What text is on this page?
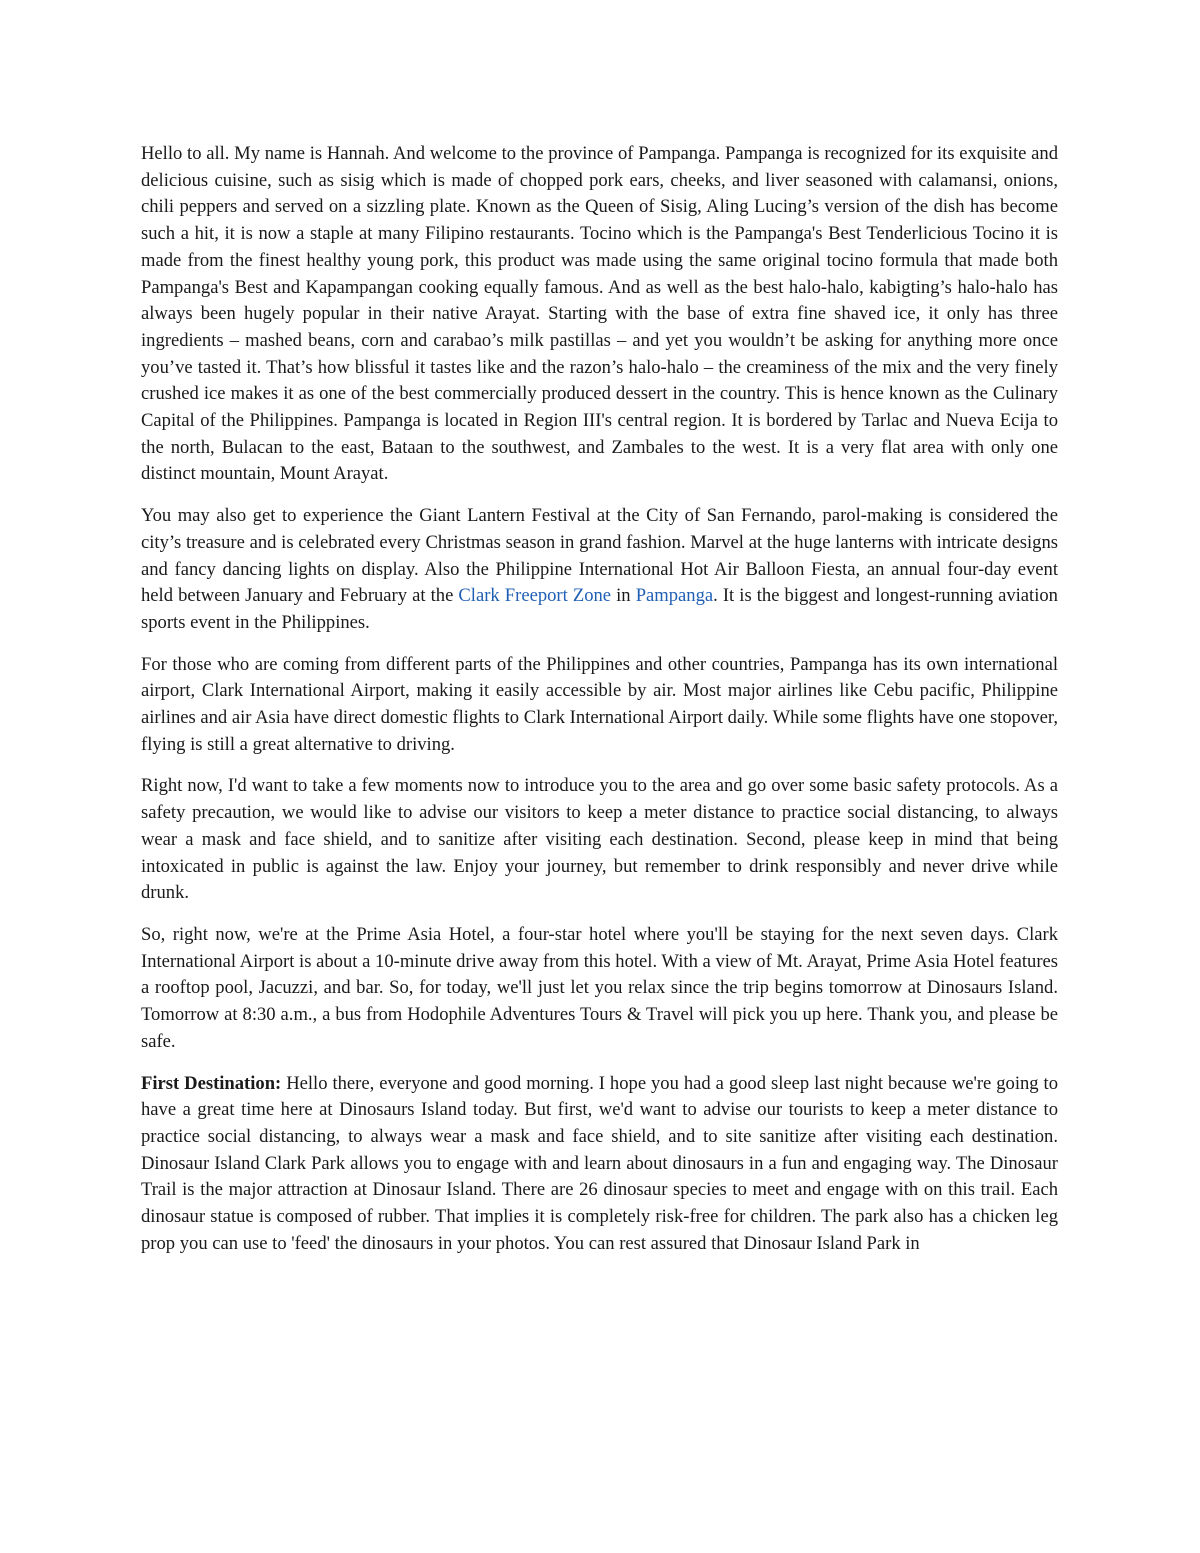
Hello to all. My name is Hannah. And welcome to the province of Pampanga. Pampanga is recognized for its exquisite and delicious cuisine, such as sisig which is made of chopped pork ears, cheeks, and liver seasoned with calamansi, onions, chili peppers and served on a sizzling plate. Known as the Queen of Sisig, Aling Lucing’s version of the dish has become such a hit, it is now a staple at many Filipino restaurants. Tocino which is the Pampanga's Best Tenderlicious Tocino it is made from the finest healthy young pork, this product was made using the same original tocino formula that made both Pampanga's Best and Kapampangan cooking equally famous. And as well as the best halo-halo, kabigting’s halo-halo has always been hugely popular in their native Arayat. Starting with the base of extra fine shaved ice, it only has three ingredients – mashed beans, corn and carabao’s milk pastillas – and yet you wouldn’t be asking for anything more once you’ve tasted it. That’s how blissful it tastes like and the razon’s halo-halo – the creaminess of the mix and the very finely crushed ice makes it as one of the best commercially produced dessert in the country. This is hence known as the Culinary Capital of the Philippines. Pampanga is located in Region III's central region. It is bordered by Tarlac and Nueva Ecija to the north, Bulacan to the east, Bataan to the southwest, and Zambales to the west. It is a very flat area with only one distinct mountain, Mount Arayat.

You may also get to experience the Giant Lantern Festival at the City of San Fernando, parol-making is considered the city’s treasure and is celebrated every Christmas season in grand fashion. Marvel at the huge lanterns with intricate designs and fancy dancing lights on display. Also the Philippine International Hot Air Balloon Fiesta, an annual four-day event held between January and February at the Clark Freeport Zone in Pampanga. It is the biggest and longest-running aviation sports event in the Philippines.

For those who are coming from different parts of the Philippines and other countries, Pampanga has its own international airport, Clark International Airport, making it easily accessible by air. Most major airlines like Cebu pacific, Philippine airlines and air Asia have direct domestic flights to Clark International Airport daily. While some flights have one stopover, flying is still a great alternative to driving.

Right now, I'd want to take a few moments now to introduce you to the area and go over some basic safety protocols. As a safety precaution, we would like to advise our visitors to keep a meter distance to practice social distancing, to always wear a mask and face shield, and to sanitize after visiting each destination. Second, please keep in mind that being intoxicated in public is against the law. Enjoy your journey, but remember to drink responsibly and never drive while drunk.

So, right now, we're at the Prime Asia Hotel, a four-star hotel where you'll be staying for the next seven days. Clark International Airport is about a 10-minute drive away from this hotel. With a view of Mt. Arayat, Prime Asia Hotel features a rooftop pool, Jacuzzi, and bar. So, for today, we'll just let you relax since the trip begins tomorrow at Dinosaurs Island. Tomorrow at 8:30 a.m., a bus from Hodophile Adventures Tours & Travel will pick you up here. Thank you, and please be safe.

First Destination: Hello there, everyone and good morning. I hope you had a good sleep last night because we're going to have a great time here at Dinosaurs Island today. But first, we'd want to advise our tourists to keep a meter distance to practice social distancing, to always wear a mask and face shield, and to site sanitize after visiting each destination. Dinosaur Island Clark Park allows you to engage with and learn about dinosaurs in a fun and engaging way. The Dinosaur Trail is the major attraction at Dinosaur Island. There are 26 dinosaur species to meet and engage with on this trail. Each dinosaur statue is composed of rubber. That implies it is completely risk-free for children. The park also has a chicken leg prop you can use to 'feed' the dinosaurs in your photos. You can rest assured that Dinosaur Island Park in
